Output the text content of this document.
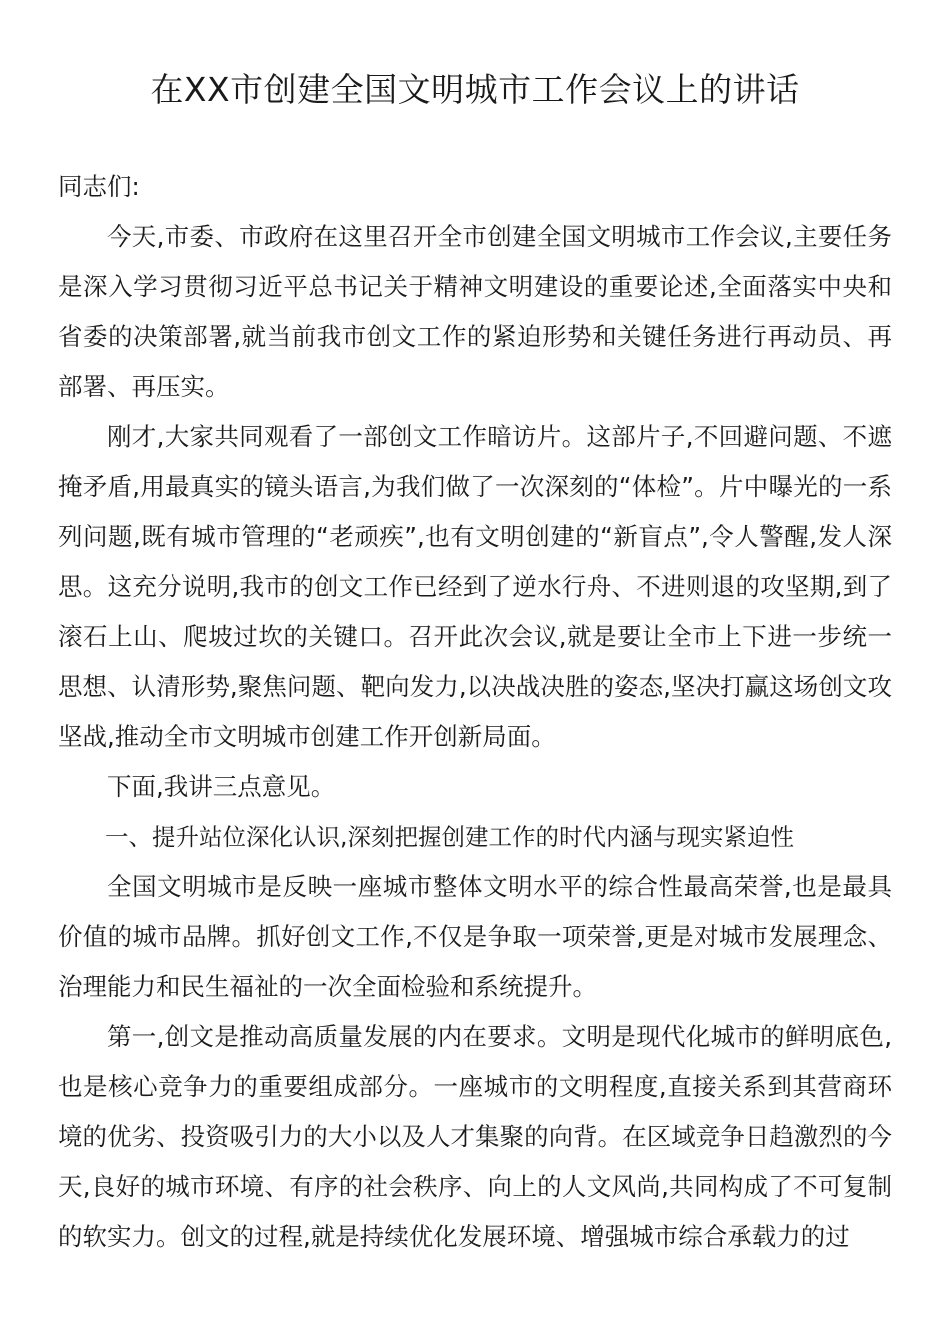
在XX市创建全国文明城市工作会议上的讲话

同志们:

今天,市委、市政府在这里召开全市创建全国文明城市工作会议,主要任务是深入学习贯彻习近平总书记关于精神文明建设的重要论述,全面落实中央和省委的决策部署,就当前我市创文工作的紧迫形势和关键任务进行再动员、再部署、再压实。

刚才,大家共同观看了一部创文工作暗访片。这部片子,不回避问题、不遮掩矛盾,用最真实的镜头语言,为我们做了一次深刻的“体检”。片中曝光的一系列问题,既有城市管理的“老顽疾”,也有文明创建的“新盲点”,令人警醒,发人深思。这充分说明,我市的创文工作已经到了逆水行舟、不进则退的攻坚期,到了滚石上山、爬坡过坎的关键口。召开此次会议,就是要让全市上下进一步统一思想、认清形势,聚焦问题、靶向发力,以决战决胜的姿态,坚决打赢这场创文攻坚战,推动全市文明城市创建工作开创新局面。

下面,我讲三点意见。

一、提升站位深化认识,深刻把握创建工作的时代内涵与现实紧迫性

全国文明城市是反映一座城市整体文明水平的综合性最高荣誉,也是最具价值的城市品牌。抓好创文工作,不仅是争取一项荣誉,更是对城市发展理念、治理能力和民生福祉的一次全面检验和系统提升。

第一,创文是推动高质量发展的内在要求。文明是现代化城市的鲜明底色,也是核心竞争力的重要组成部分。一座城市的文明程度,直接关系到其营商环境的优劣、投资吸引力的大小以及人才集聚的向背。在区域竞争日趋激烈的今天,良好的城市环境、有序的社会秩序、向上的人文风尚,共同构成了不可复制的软实力。创文的过程,就是持续优化发展环境、增强城市综合承载力的过
